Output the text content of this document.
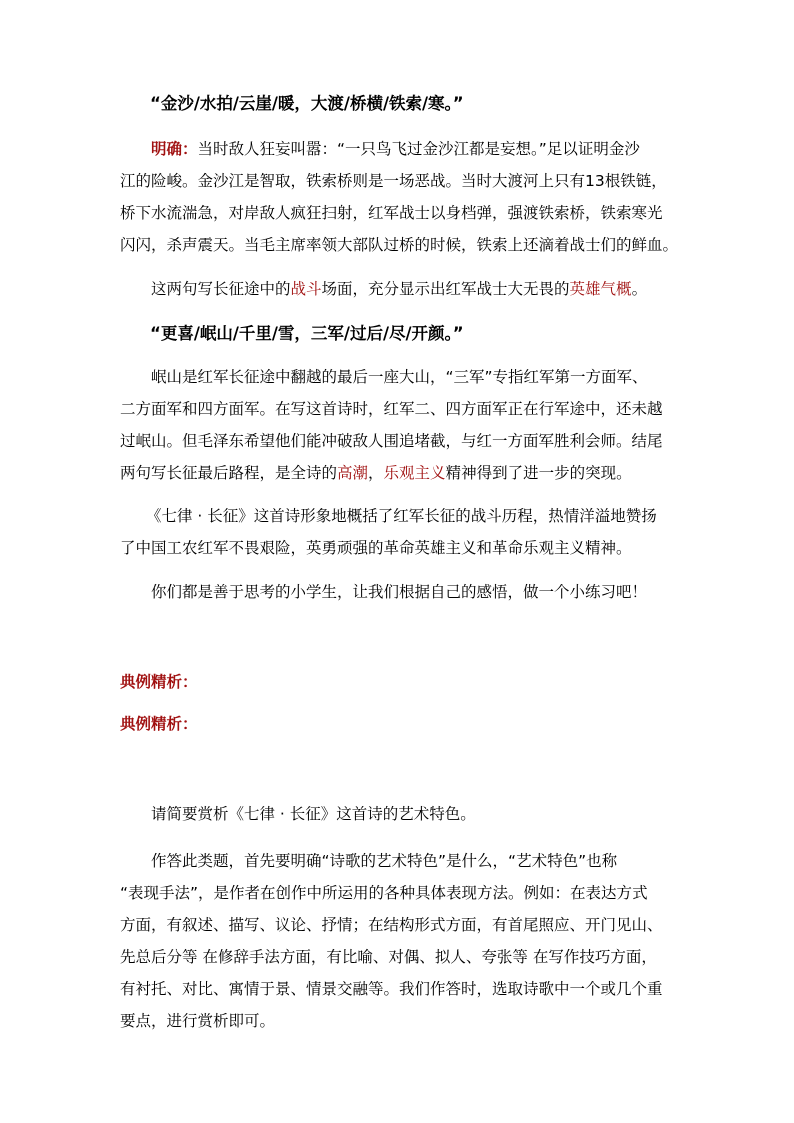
“金沙/水拍/云崖/暖，大渡/桥横/铁索/寒。”

明确：当时敌人狂妄叫嚣：“一只鸟飞过金沙江都是妄想。”足以证明金沙
江的险峻。金沙江是智取，铁索桥则是一场恶战。当时大渡河上只有13根铁链，
桥下水流湍急，对岸敌人疯狂扫射，红军战士以身档弹，强渡铁索桥，铁索寒光
闪闪，杀声震天。当毛主席率领大部队过桥的时候，铁索上还滴着战士们的鲜血。
这两句写长征途中的战斗场面，充分显示出红军战士大无畏的英雄气概。

“更喜/岷山/千里/雪，三军/过后/尽/开颜。”

岷山是红军长征途中翻越的最后一座大山，“三军”专指红军第一方面军、
二方面军和四方面军。在写这首诗时，红军二、四方面军正在行军途中，还未越
过岷山。但毛泽东希望他们能冲破敌人围追堵截，与红一方面军胜利会师。结尾
两句写长征最后路程，是全诗的高潮，乐观主义精神得到了进一步的突现。
《七律 · 长征》这首诗形象地概括了红军长征的战斗历程，热情洋溢地赞扬
了中国工农红军不畏艰险，英勇顽强的革命英雄主义和革命乐观主义精神。

你们都是善于思考的小学生，让我们根据自己的感悟，做一个小练习吧！

典例精析：

典例精析：

请简要赏析《七律 · 长征》这首诗的艺术特色。

作答此类题，首先要明确“诗歌的艺术特色”是什么，“艺术特色”也称
“表现手法”，是作者在创作中所运用的各种具体表现方法。例如：在表达方式
方面，有叙述、描写、议论、抒情；在结构形式方面，有首尾照应、开门见山、
先总后分等 在修辞手法方面，有比喻、对偶、拟人、夸张等 在写作技巧方面，
有衬托、对比、寓情于景、情景交融等。我们作答时，选取诗歌中一个或几个重
要点，进行赏析即可。
